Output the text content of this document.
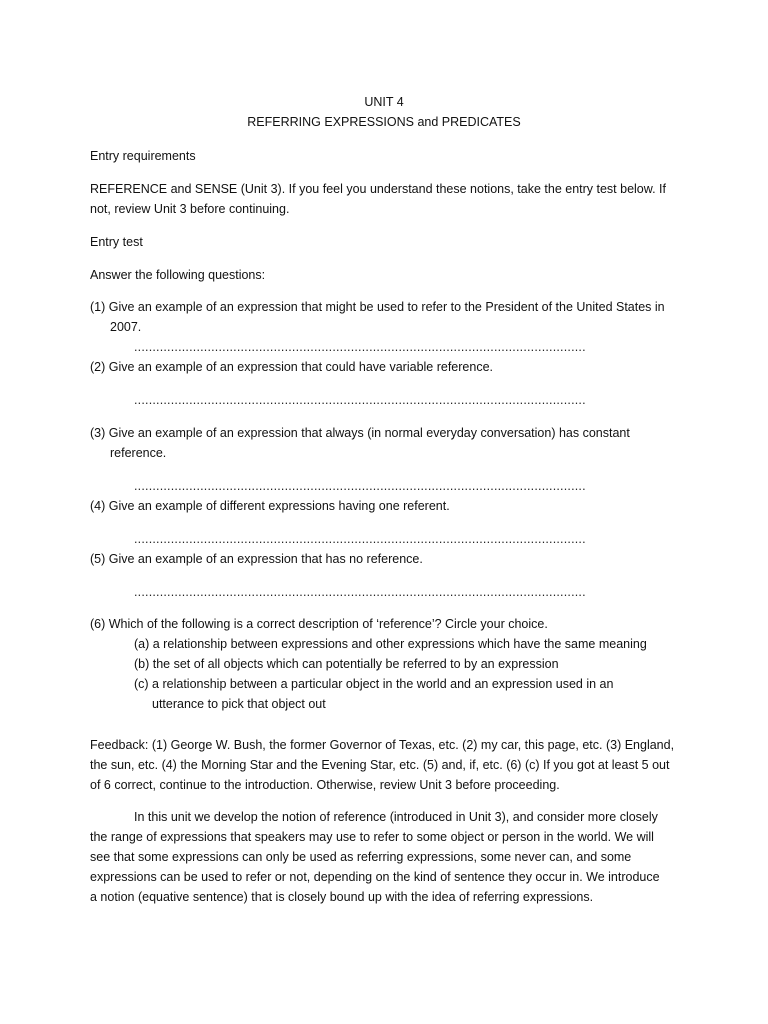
UNIT 4
REFERRING EXPRESSIONS and PREDICATES
Entry requirements
REFERENCE and SENSE (Unit 3). If you feel you understand these notions, take the entry test below. If
not, review Unit 3 before continuing.
Entry test
Answer the following questions:
(1) Give an example of an expression that might be used to refer to the President of the United States in
2007.
...........................................................................................................................
(2) Give an example of an expression that could have variable reference.
...........................................................................................................................
(3) Give an example of an expression that always (in normal everyday conversation) has constant
reference.
...........................................................................................................................
(4) Give an example of different expressions having one referent.
...........................................................................................................................
(5) Give an example of an expression that has no reference.
...........................................................................................................................
(6) Which of the following is a correct description of ‘reference’? Circle your choice.
(a) a relationship between expressions and other expressions which have the same meaning
(b) the set of all objects which can potentially be referred to by an expression
(c) a relationship between a particular object in the world and an expression used in an
utterance to pick that object out
Feedback: (1) George W. Bush, the former Governor of Texas, etc. (2) my car, this page, etc. (3) England,
the sun, etc. (4) the Morning Star and the Evening Star, etc. (5) and, if, etc. (6) (c) If you got at least 5 out
of 6 correct, continue to the introduction. Otherwise, review Unit 3 before proceeding.
In this unit we develop the notion of reference (introduced in Unit 3), and consider more closely
the range of expressions that speakers may use to refer to some object or person in the world. We will
see that some expressions can only be used as referring expressions, some never can, and some
expressions can be used to refer or not, depending on the kind of sentence they occur in. We introduce
a notion (equative sentence) that is closely bound up with the idea of referring expressions.
